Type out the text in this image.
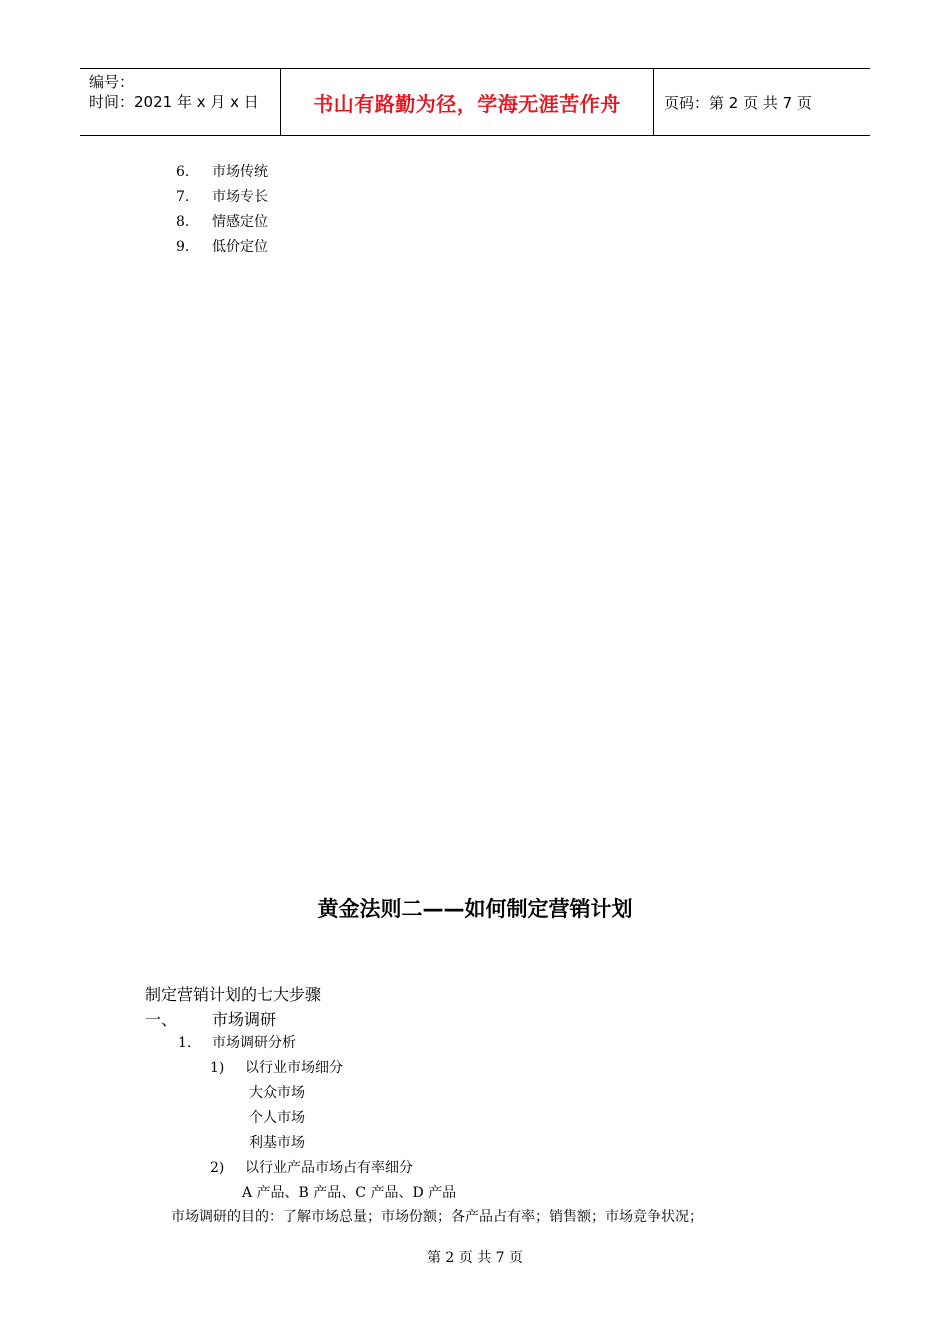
编号：
时间：2021 年 x 月 x 日	书山有路勤为径，学海无涯苦作舟	页码：第 2 页 共 7 页
6. 市场传统
7. 市场专长
8. 情感定位
9. 低价定位
黄金法则二——如何制定营销计划
制定营销计划的七大步骤
一、 市场调研
1. 市场调研分析
1) 以行业市场细分
大众市场
个人市场
利基市场
2) 以行业产品市场占有率细分
A 产品、B 产品、C 产品、D 产品
市场调研的目的：了解市场总量；市场份额；各产品占有率；销售额；市场竞争状况；
第 2 页 共 7 页
